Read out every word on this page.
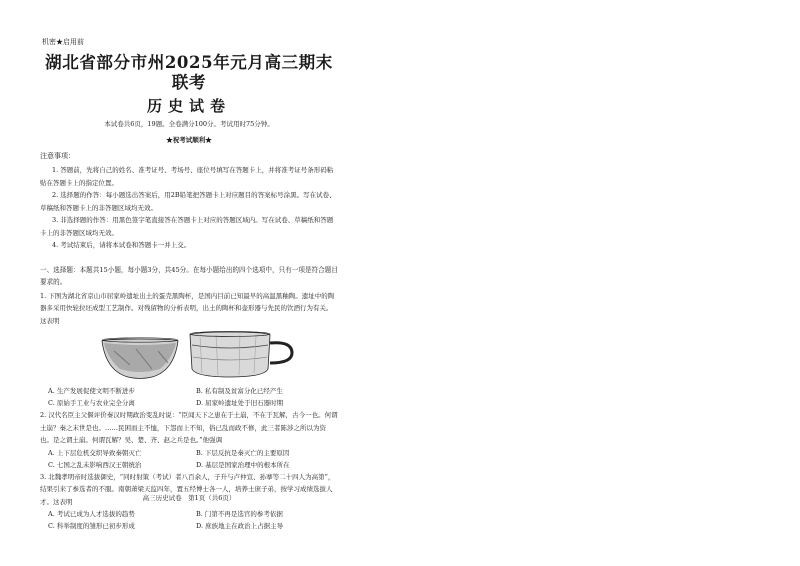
机密★启用前
湖北省部分市州2025年元月高三期末联考
历史试卷
本试卷共6页，19题。全卷满分100分。考试用时75分钟。
★祝考试顺利★
注意事项：

1. 答题前，先将自己的姓名、准考证号、考场号、座位号填写在答题卡上，并将准考证号条形码粘贴在答题卡上的指定位置。

2. 选择题的作答：每小题选出答案后，用2B铅笔把答题卡上对应题目的答案标号涂黑。写在试卷、草稿纸和答题卡上的非答题区域均无效。

3. 非选择题的作答：用黑色签字笔直接答在答题卡上对应的答题区域内。写在试卷、草稿纸和答题卡上的非答题区域均无效。

4. 考试结束后，请将本试卷和答题卡一并上交。

一、选择题：本题共15小题，每小题3分，共45分。在每小题给出的四个选项中，只有一项是符合题目要求的。

1. 下图为湖北省京山市屈家岭遗址出土的蛋壳黑陶杯，是国内目前已知最早的高温黑釉陶。遗址中的陶器多采用快轮拉坯成型工艺制作。对残留物的分析表明，出土的陶杯和壶形器与先民的饮酒行为有关。这表明

A. 生产发展促使文明不断进步	B. 私有制及贫富分化已经产生
C. 原始手工业与农业完全分离	D. 屈家岭遗址处于旧石器时期

2. 汉代名臣主父偃评价秦汉时期政治变乱时说：“臣闻天下之患在于土崩，不在于瓦解，古今一也。何谓土崩？秦之末世是也。……民困而主不恤，下怨而上不知，俗已乱而政不修，此三者陈涉之所以为资也。是之谓土崩。何谓瓦解？吴、楚、齐、赵之兵是也。”他强调

A. 上下层危机交织导致秦朝灭亡	B. 下层反抗是秦灭亡的主要原因
C. 七国之乱未影响西汉王朝统治	D. 基层是国家治理中的根本所在

3. 北魏孝明帝时选拔御史，“同时射策（考试）者八百余人，子升与卢仲宣、孙搴等二十四人为高第”，结果引来了参选者的不服。南朝萧梁天监四年，置五经博士各一人，培养士庶子弟，按学习成绩选拔人才。这表明

A. 考试已成为人才选拔的趋势	B. 门第不再是选官的参考依据
C. 科举制度的雏形已初步形成	D. 庶族地主在政治上占据主导
高三历史试卷　第1页（共6页）
